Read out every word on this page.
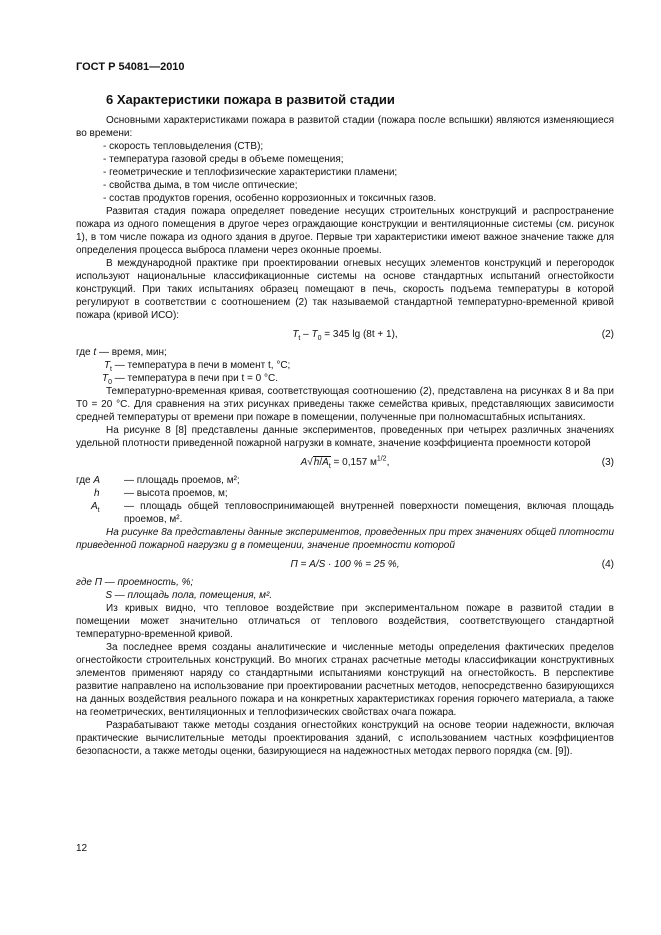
ГОСТ Р 54081—2010
6 Характеристики пожара в развитой стадии

Основными характеристиками пожара в развитой стадии (пожара после вспышки) являются изменяющиеся во времени:

- скорость тепловыделения (СТВ);

- температура газовой среды в объеме помещения;

- геометрические и теплофизические характеристики пламени;

- свойства дыма, в том числе оптические;

- состав продуктов горения, особенно коррозионных и токсичных газов.

Развитая стадия пожара определяет поведение несущих строительных конструкций и распространение пожара из одного помещения в другое через ограждающие конструкции и вентиляционные системы (см. рисунок 1), в том числе пожара из одного здания в другое. Первые три характеристики имеют важное значение также для определения процесса выброса пламени через оконные проемы.

В международной практике при проектировании огневых несущих элементов конструкций и перегородок используют национальные классификационные системы на основе стандартных испытаний огнестойкости конструкций. При таких испытаниях образец помещают в печь, скорость подъема температуры в которой регулируют в соответствии с соотношением (2) так называемой стандартной температурно-временной кривой пожара (кривой ИСО):

$T_t - T_0 = 345$ lg (8t + 1),	(2)

где t — время, мин;

$T_t$ — температура в печи в момент t, °С;

$T_0$ — температура в печи при t = 0 °С.

Температурно-временная кривая, соответствующая соотношению (2), представлена на рисунках 8 и 8а при T0 = 20 °С. Для сравнения на этих рисунках приведены также семейства кривых, представляющих зависимости средней температуры от времени при пожаре в помещении, полученные при полномасштабных испытаниях.

На рисунке 8 [8] представлены данные экспериментов, проведенных при четырех различных значениях удельной плотности приведенной пожарной нагрузки в комнате, значение коэффициента проемности которой

$A√h/A_t = 0,157$ $м^{1/2}$,	(3)

где A — площадь проемов, м²;

h — высота проемов, м;

$A_t$ — площадь общей тепловоспринимающей внутренней поверхности помещения, включая площадь проемов, м².

На рисунке 8а представлены данные экспериментов, проведенных при трех значениях общей плотности приведенной пожарной нагрузки g в помещении, значение проемности которой

П = A/S · 100 % = 25 %,	(4)

где П — проемность, %;

S — площадь пола, помещения, м².

Из кривых видно, что тепловое воздействие при экспериментальном пожаре в развитой стадии в помещении может значительно отличаться от теплового воздействия, соответствующего стандартной температурно-временной кривой.

За последнее время созданы аналитические и численные методы определения фактических пределов огнестойкости строительных конструкций. Во многих странах расчетные методы классификации конструктивных элементов применяют наряду со стандартными испытаниями конструкций на огнестойкость. В перспективе развитие направлено на использование при проектировании расчетных методов, непосредственно базирующихся на данных воздействия реального пожара и на конкретных характеристиках горения горючего материала, а также на геометрических, вентиляционных и теплофизических свойствах очага пожара.

Разрабатывают также методы создания огнестойких конструкций на основе теории надежности, включая практические вычислительные методы проектирования зданий, с использованием частных коэффициентов безопасности, а также методы оценки, базирующиеся на надежностных методах первого порядка (см. [9]).

12
